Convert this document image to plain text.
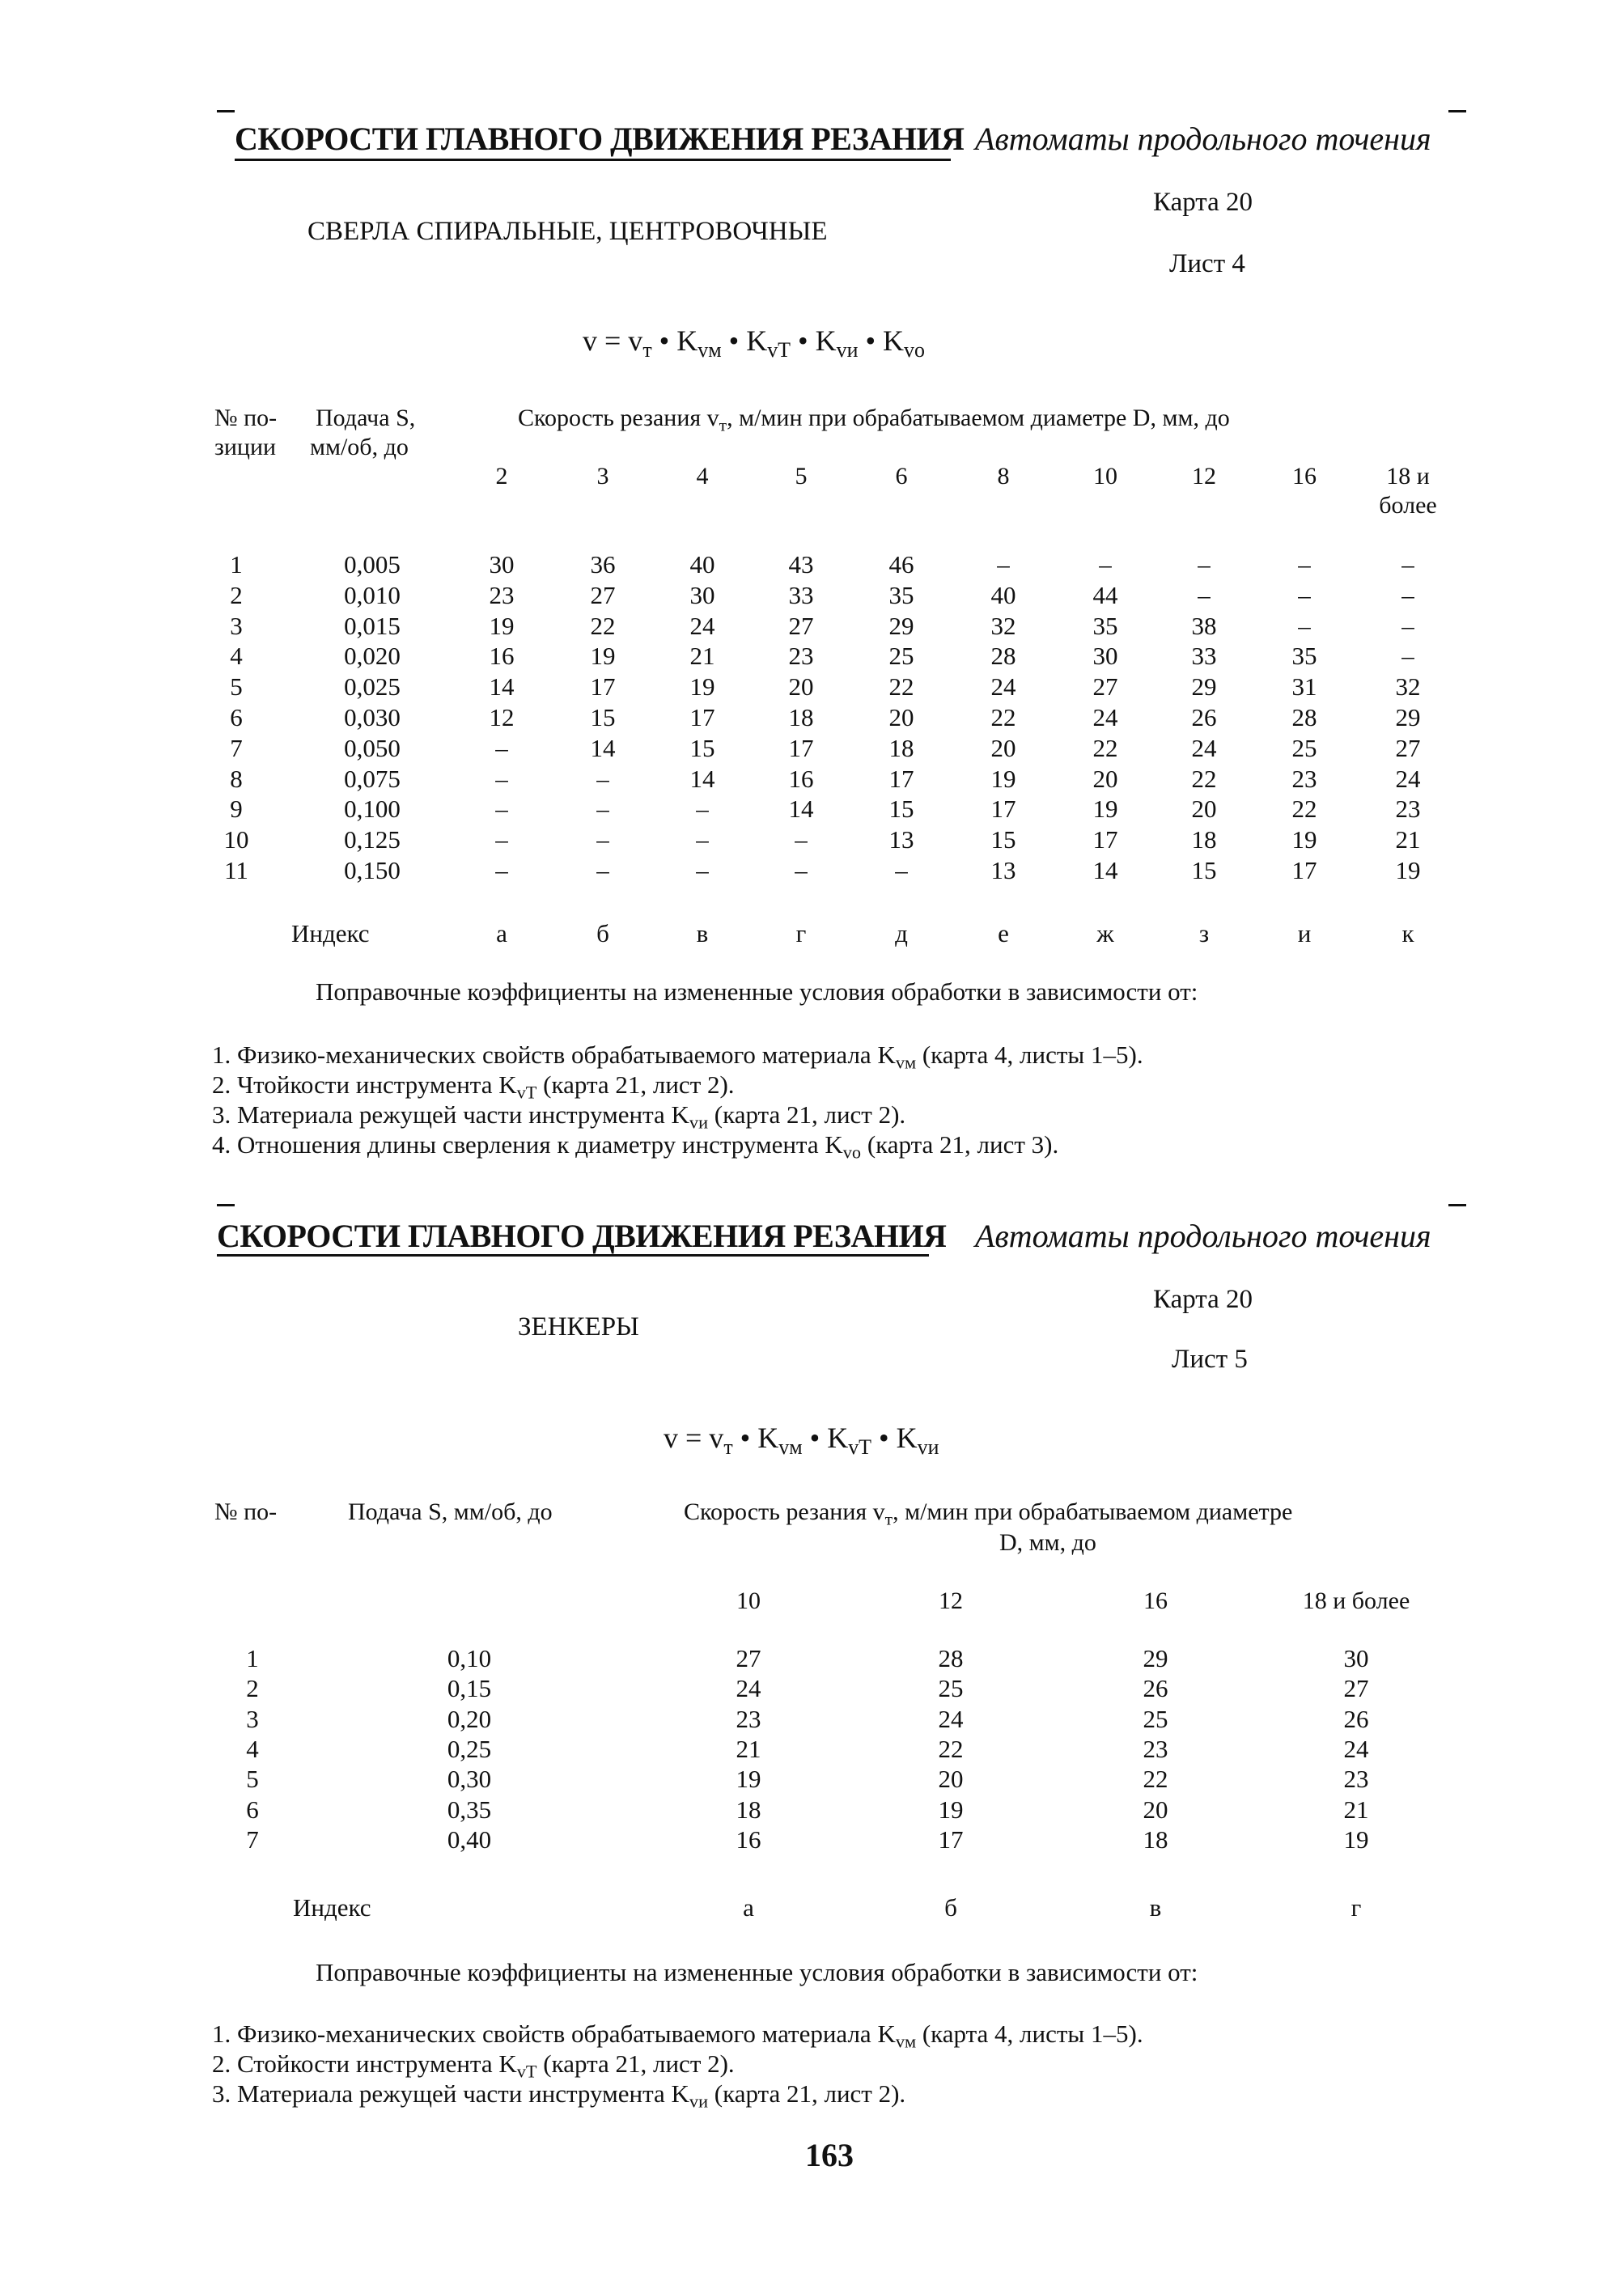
СКОРОСТИ ГЛАВНОГО ДВИЖЕНИЯ РЕЗАНИЯ Автоматы продольного точения
Карта 20
СВЕРЛА СПИРАЛЬНЫЕ, ЦЕНТРОВОЧНЫЕ
Лист 4
$v = v_т$ • $K_{vм}$ • $K_{vT}$ • $K_{vи}$ • $K_{vo}$
№ по-
зиции
Подача S,
мм/об, до
Скорость резания $v_т$, м/мин при обрабатываемом диаметре D, мм, до
2	3	4	5	6	8	10	12	16	18 и
более
1	0,005	30	36	40	43	46	–	–	–	–	–
2	0,010	23	27	30	33	35	40	44	–	–	–
3	0,015	19	22	24	27	29	32	35	38	–	–
4	0,020	16	19	21	23	25	28	30	33	35	–
5	0,025	14	17	19	20	22	24	27	29	31	32
6	0,030	12	15	17	18	20	22	24	26	28	29
7	0,050	–	14	15	17	18	20	22	24	25	27
8	0,075	–	–	14	16	17	19	20	22	23	24
9	0,100	–	–	–	14	15	17	19	20	22	23
10	0,125	–	–	–	–	13	15	17	18	19	21
11	0,150	–	–	–	–	–	13	14	15	17	19
Индекс	а	б	в	г	д	е	ж	з	и	к
Поправочные коэффициенты на измененные условия обработки в зависимости от:
1. Физико-механических свойств обрабатываемого материала $K_{vм}$ (карта 4, листы 1–5).
2. Чтойкости инструмента $K_{vT}$ (карта 21, лист 2).
3. Материала режущей части инструмента $K_{vи}$ (карта 21, лист 2).
4. Отношения длины сверления к диаметру инструмента $K_{vo}$ (карта 21, лист 3).
СКОРОСТИ ГЛАВНОГО ДВИЖЕНИЯ РЕЗАНИЯ Автоматы продольного точения
Карта 20
ЗЕНКЕРЫ
Лист 5
$v = v_т$ • $K_{vм}$ • $K_{vT}$ • $K_{vи}$
№ по-	Подача S, мм/об, до	Скорость резания $v_т$, м/мин при обрабатываемом диаметре
D, мм, до
10	12	16	18 и более
1	0,10	27	28	29	30
2	0,15	24	25	26	27
3	0,20	23	24	25	26
4	0,25	21	22	23	24
5	0,30	19	20	22	23
6	0,35	18	19	20	21
7	0,40	16	17	18	19
Индекс	а	б	в	г
Поправочные коэффициенты на измененные условия обработки в зависимости от:
1. Физико-механических свойств обрабатываемого материала $K_{vм}$ (карта 4, листы 1–5).
2. Стойкости инструмента $K_{vT}$ (карта 21, лист 2).
3. Материала режущей части инструмента $K_{vи}$ (карта 21, лист 2).
163
